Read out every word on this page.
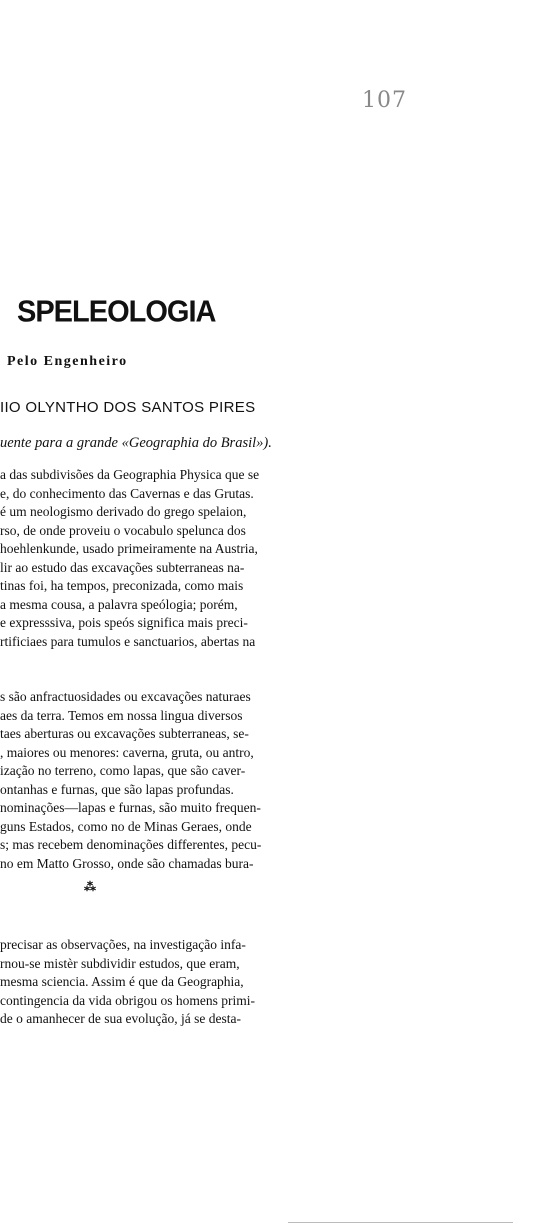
107
SPELEOLOGIA
Pelo Engenheiro
IIO OLYNTHO DOS SANTOS PIRES
uente para a grande «Geographia do Brasil»).
a das subdivisões da Geographia Physica que se
e, do conhecimento das Cavernas e das Grutas.
é um neologismo derivado do grego spelaion,
rso, de onde proveiu o vocabulo spelunca dos
hoehlenkunde, usado primeiramente na Austria,
lir ao estudo das excavações subterraneas na-
tinas foi, ha tempos, preconizada, como mais
a mesma cousa, a palavra speólogia; porém,
e expresssiva, pois speós significa mais preci-
rtificiaes para tumulos e sanctuarios, abertas na
s são anfractuosidades ou excavações naturaes
aes da terra. Temos em nossa lingua diversos
taes aberturas ou excavações subterraneas, se-
, maiores ou menores: caverna, gruta, ou antro,
ização no terreno, como lapas, que são caver-
ontanhas e furnas, que são lapas profundas.
nominações—lapas e furnas, são muito frequen-
guns Estados, como no de Minas Geraes, onde
s; mas recebem denominações differentes, pecu-
no em Matto Grosso, onde são chamadas bura-
⁂
precisar as observações, na investigação infa-
rnou-se mistèr subdividir estudos, que eram,
mesma sciencia. Assim é que da Geographia,
contingencia da vida obrigou os homens primi-
de o amanhecer de sua evolução, já se desta-
